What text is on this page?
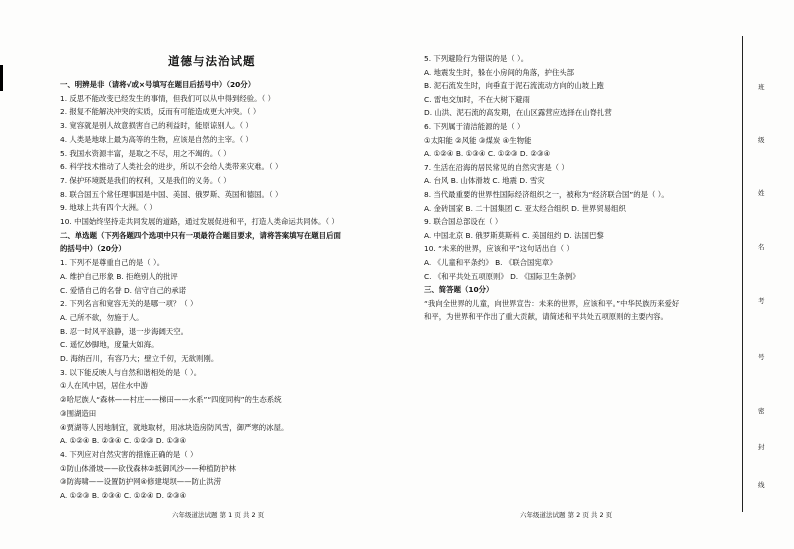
道德与法治试题
一、明辨是非（请将√或×号填写在题目后括号中）（20分）
1. 反思不能改变已经发生的事情，但我们可以从中得到经验。（ ）
2. 报复不能解决冲突的实质，反而有可能造成更大冲突。（ ）
3. 宽容就是别人故意损害自己的利益时，能原谅别人。（ ）
4. 人类是地球上最为高等的生物，应该是自然的主宰。（ ）
5. 我国水资源丰富，是取之不尽，用之不竭的。（ ）
6. 科学技术推动了人类社会的进步，所以不会给人类带来灾难。（ ）
7. 保护环境既是我们的权利，又是我们的义务。（ ）
8. 联合国五个常任理事国是中国、美国、俄罗斯、英国和德国。（ ）
9. 地球上共有四个大洲。（ ）
10. 中国始终坚持走共同发展的道路，通过发展促进和平，打造人类命运共同体。（ ）
二、单选题（下列各题四个选项中只有一项最符合题目要求，请将答案填写在题目后面
的括号中）（20分）
1. 下列不是尊重自己的是（ ）。
A. 维护自己形象 B. 拒绝别人的批评
C. 爱惜自己的名誉 D. 信守自己的承诺
2. 下列名言和宽容无关的是哪一项？（ ）
A. 己所不欲，勿施于人。
B. 忍一时风平浪静，退一步海阔天空。
C. 遥忆妙脚地，度量大如海。
D. 海纳百川，有容乃大；壁立千仞，无欲则刚。
3. 以下能反映人与自然和谐相处的是（ ）。
①人在风中居，居住水中游
②哈尼族人“森林——村庄——梯田——水系”“四度同构”的生态系统
③围湖造田
④贾湖等人因地制宜，就地取材，用冰块造房防风雪，御严寒的冰屋。
A. ①②④ B. ②③④ C. ①②③ D. ①③④
4. 下列应对自然灾害的措施正确的是（ ）
①防山体滑坡——砍伐森林②抵御风沙——种植防护林
③防海啸——设置防护网④修建堤坝——防止洪涝
A. ①②③ B. ②③④ C. ①②④ D. ②③④
5. 下列避险行为错误的是（ ）。
A. 地震发生时，躲在小房间的角落，护住头部
B. 泥石流发生时，向垂直于泥石流流动方向的山坡上跑
C. 雷电交加时，不在大树下避雨
D. 山洪、泥石流的高发期，在山区露营应选择在山脊扎营
6. 下列属于清洁能源的是（ ）
①太阳能 ②风能 ③煤炭 ④生物能
A. ①②④ B. ①③④ C. ①②③ D. ②③④
7. 生活在沿海的居民常见的自然灾害是（ ）
A. 台风 B. 山体滑坡 C. 地震 D. 雪灾
8. 当代最重要的世界性国际经济组织之一，被称为“经济联合国”的是（ ）。
A. 金砖国家 B. 二十国集团 C. 亚太经合组织 D. 世界贸易组织
9. 联合国总部设在（ ）
A. 中国北京 B. 俄罗斯莫斯科 C. 美国纽约 D. 法国巴黎
10. “未来的世界，应该和平”这句话出自（ ）
A. 《儿童和平条约》 B. 《联合国宪章》
C. 《和平共处五项原则》 D. 《国际卫生条例》
三、简答题（10分）
“我向全世界的儿童，向世界宣告：未来的世界，应该和平。”中华民族历来爱好
和平，为世界和平作出了重大贡献，请简述和平共处五项原则的主要内容。
六年级道法试题 第 1 页 共 2 页	六年级道法试题 第 2 页 共 2 页
班
级
姓
名
考
号
密
封
线
